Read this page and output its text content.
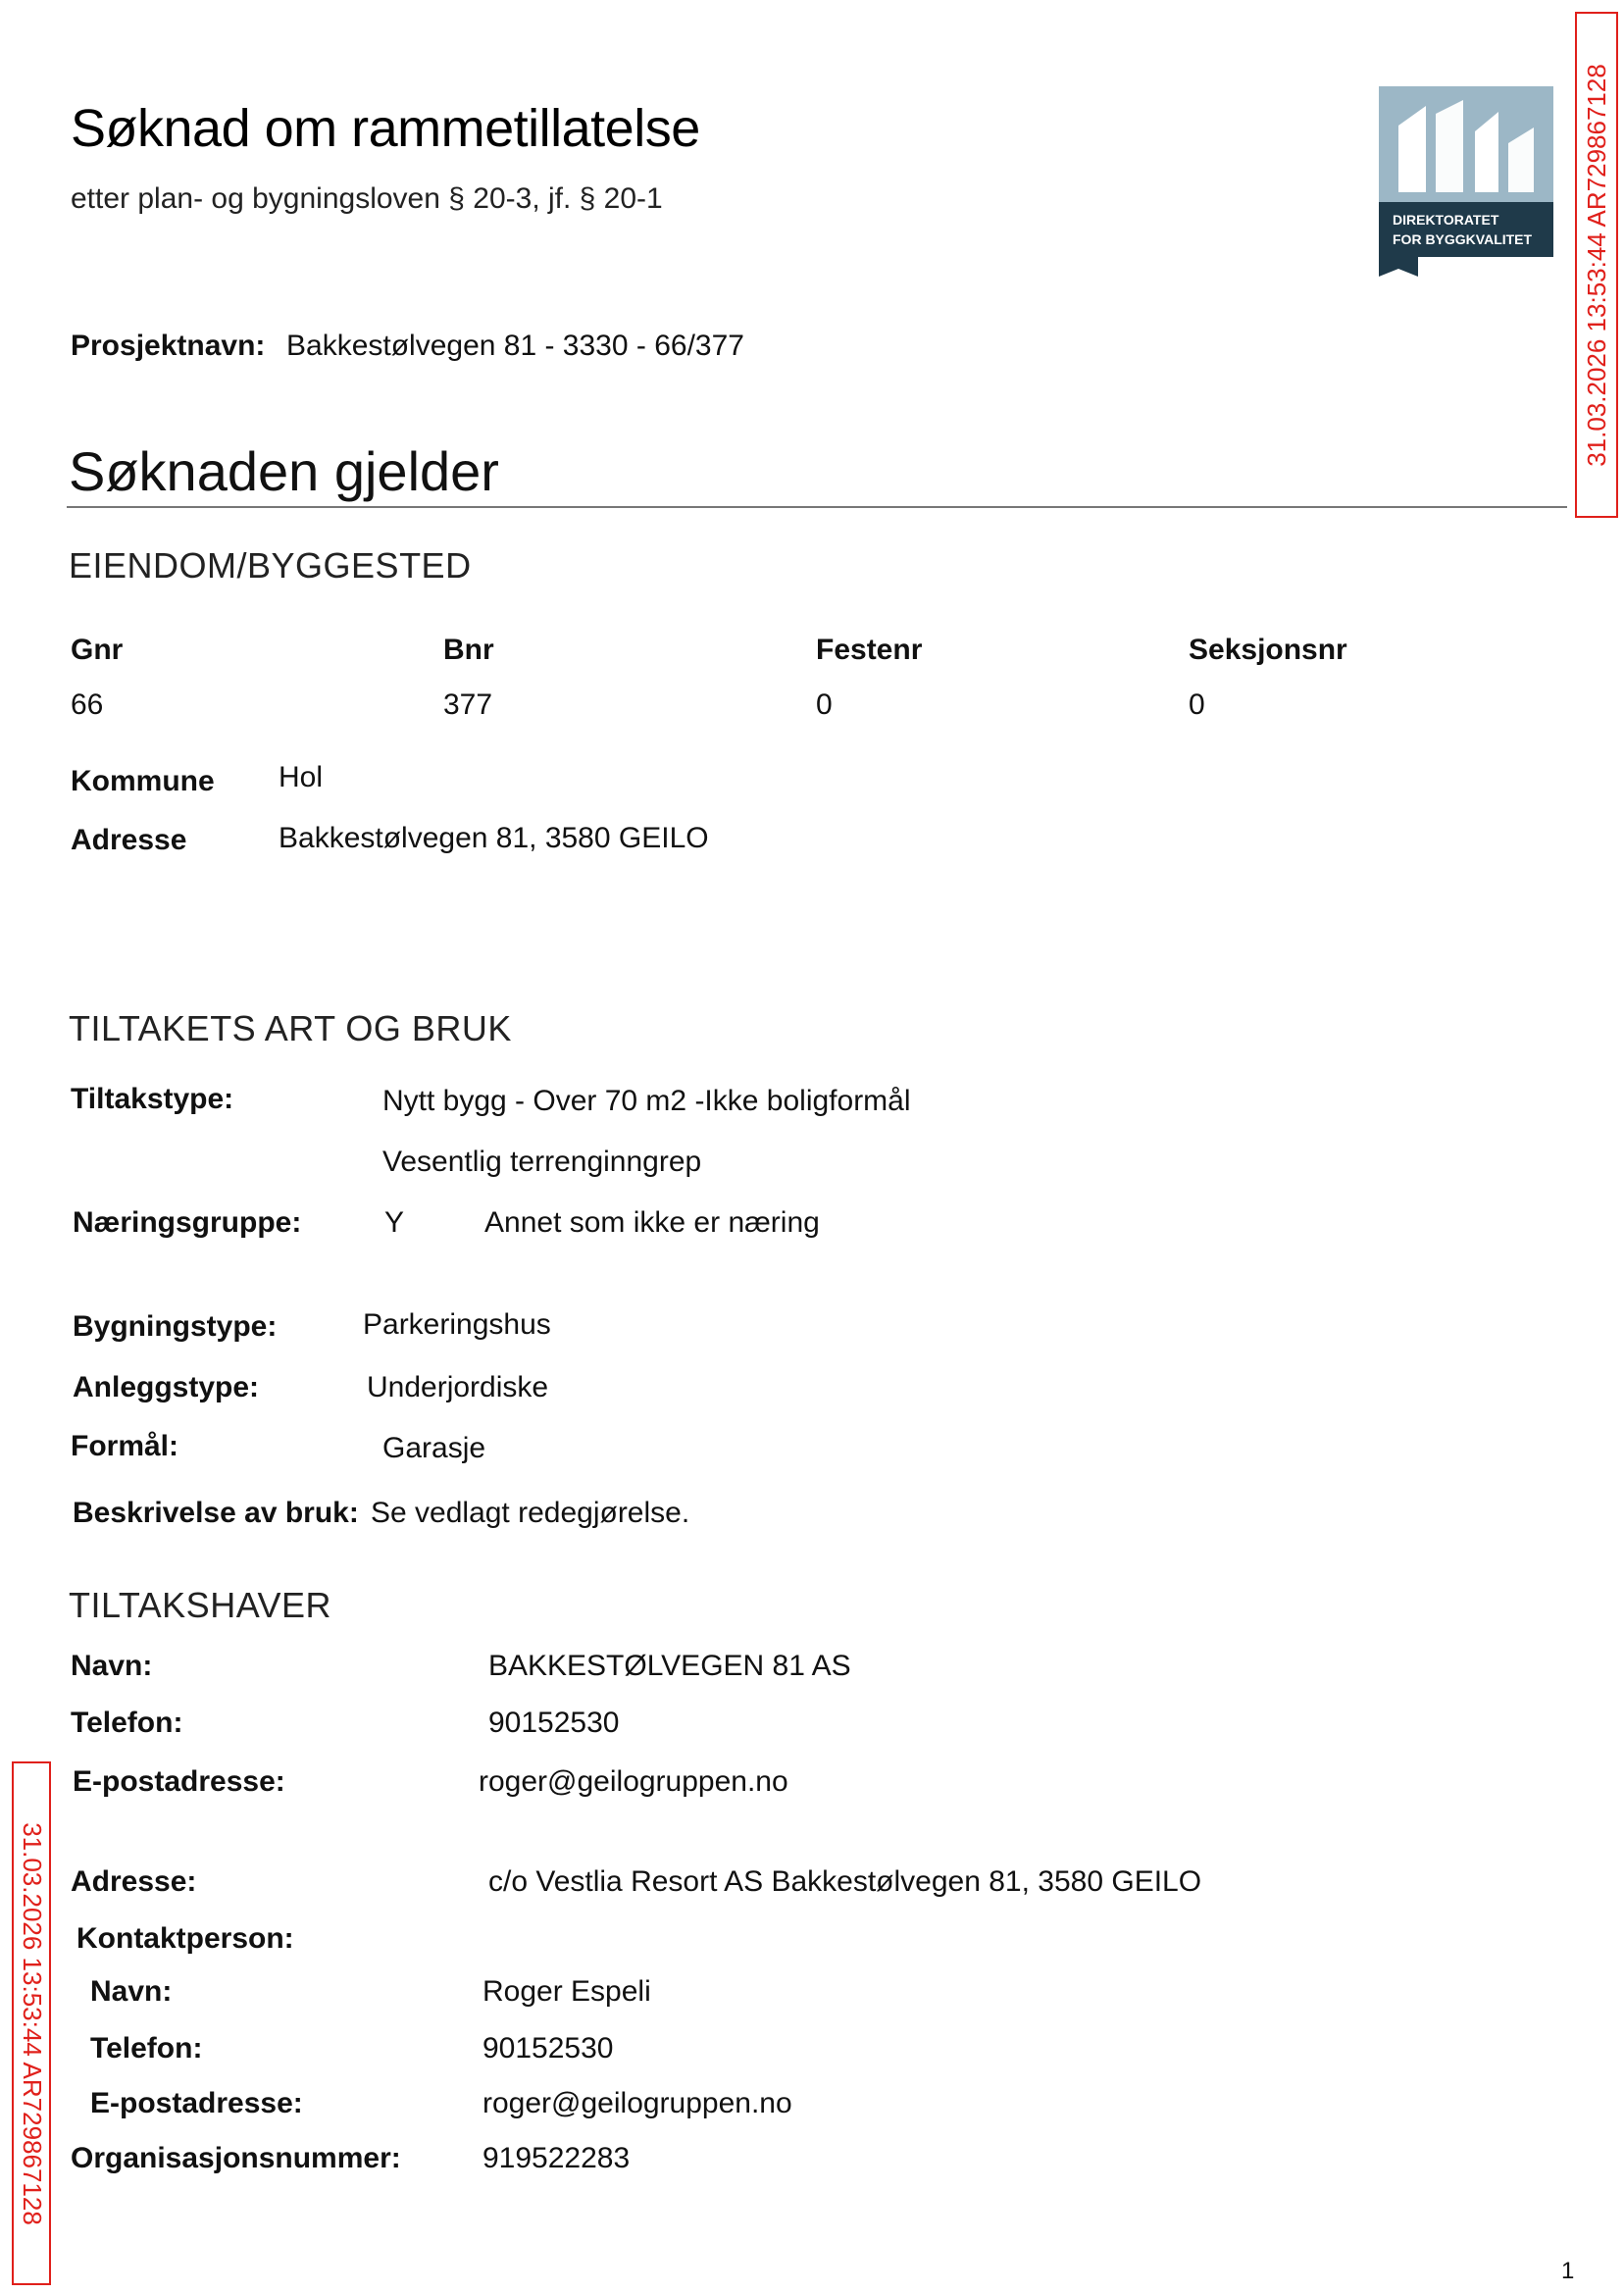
Søknad om rammetillatelse
etter plan- og bygningsloven § 20-3, jf. § 20-1
DIREKTORATET
FOR BYGGKVALITET 31.03.2026 13:53:44 AR729867128
31.03.2026 13:53:44 AR729867128
Prosjektnavn: Bakkestølvegen 81 - 3330 - 66/377
Søknaden gjelder
EIENDOM/BYGGESTED
Gnr	Bnr	Festenr	Seksjonsnr
66	377	0	0
Kommune Hol
Adresse	Bakkestølvegen 81, 3580 GEILO
TILTAKETS ART OG BRUK
Tiltakstype:	Nytt bygg - Over 70 m2 -Ikke boligformål
Vesentlig terrenginngrep
Næringsgruppe:	Y	Annet som ikke er næring
Bygningstype:	Parkeringshus
Anleggstype:	Underjordiske
Formål:	Garasje
Beskrivelse av bruk: Se vedlagt redegjørelse.
TILTAKSHAVER
Navn:	BAKKESTØLVEGEN 81 AS
Telefon:	90152530
E-postadresse:	roger@geilogruppen.no
Adresse:	c/o Vestlia Resort AS Bakkestølvegen 81, 3580 GEILO
Kontaktperson:
Navn:	Roger Espeli
Telefon:	90152530
E-postadresse:	roger@geilogruppen.no
Organisasjonsnummer:	919522283
1
